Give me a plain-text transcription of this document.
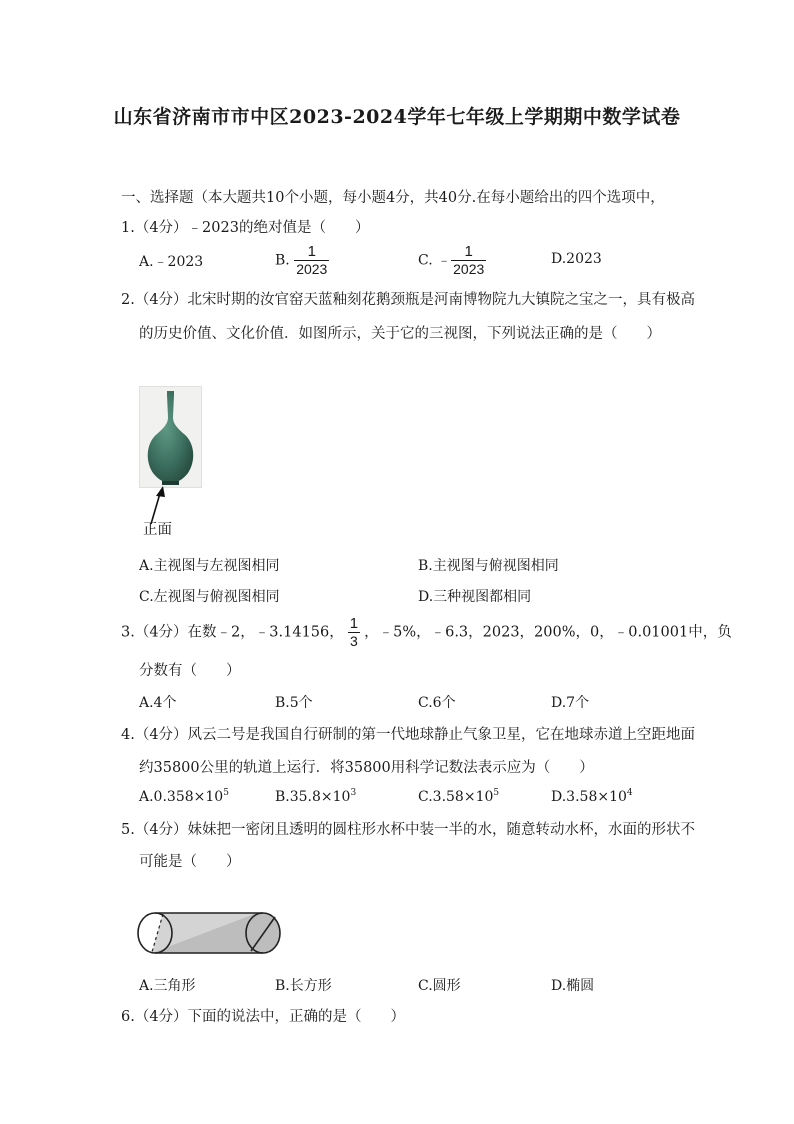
山东省济南市市中区2023-2024学年七年级上学期期中数学试卷
一、选择题（本大题共10个小题，每小题4分，共40分.在每小题给出的四个选项中，
1.（4分）﹣2023的绝对值是（　　）
A.﹣2023	B. $\frac{1}{2023}$	C. ﹣ $\frac{1}{2023}$	D.2023
2.（4分）北宋时期的汝官窑天蓝釉刻花鹅颈瓶是河南博物院九大镇院之宝之一，具有极高
的历史价值、文化价值．如图所示，关于它的三视图，下列说法正确的是（　　）
正面
A.主视图与左视图相同	B.主视图与俯视图相同
C.左视图与俯视图相同	D.三种视图都相同
3.（4分）在数﹣2，﹣3.14156， $\frac{1}{3}$ ，﹣5%，﹣6.3，2023，200%，0，﹣0.01001中，负
分数有（　　）
A.4个	B.5个	C.6个	D.7个
4.（4分）风云二号是我国自行研制的第一代地球静止气象卫星，它在地球赤道上空距地面
约35800公里的轨道上运行．将35800用科学记数法表示应为（　　）
$A.0.358\times 10^5$	$B.35.8\times 10^3$	$C.3.58\times 10^5$	$D.3.58\times 10^4$
5.（4分）妹妹把一密闭且透明的圆柱形水杯中装一半的水，随意转动水杯，水面的形状不
可能是（　　）
A.三角形	B.长方形	C.圆形	D.椭圆
6.（4分）下面的说法中，正确的是（　　）
